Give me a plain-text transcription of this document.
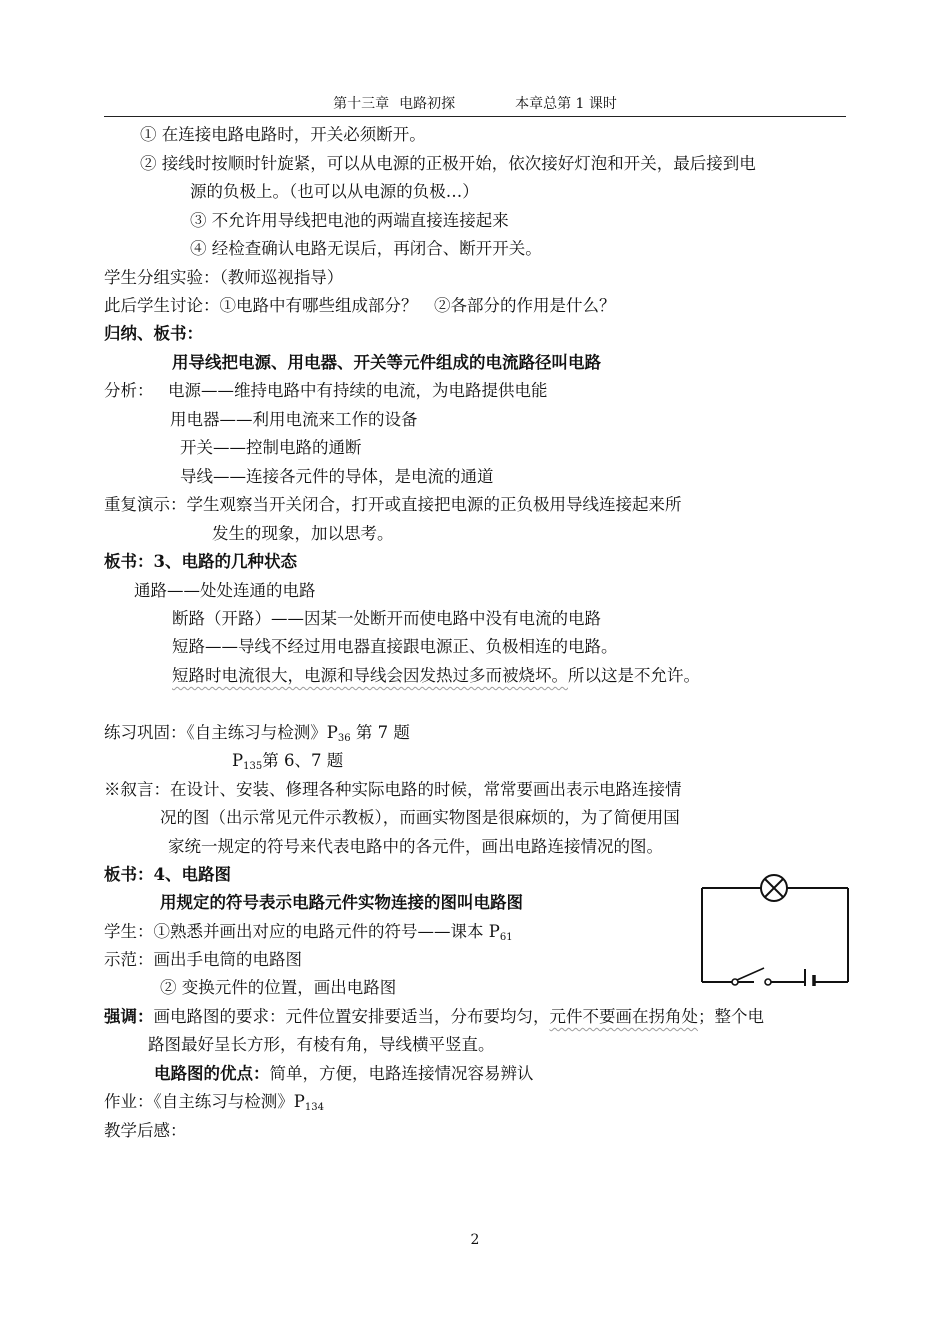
第十三章 电路初探	本章总第 1 课时
① 在连接电路电路时，开关必须断开。
② 接线时按顺时针旋紧，可以从电源的正极开始，依次接好灯泡和开关，最后接到电
源的负极上。（也可以从电源的负极…）
③ 不允许用导线把电池的两端直接连接起来
④ 经检查确认电路无误后，再闭合、断开开关。
学生分组实验：（教师巡视指导）
此后学生讨论：①电路中有哪些组成部分？　②各部分的作用是什么？
归纳、板书：
用导线把电源、用电器、开关等元件组成的电流路径叫电路
分析： 电源——维持电路中有持续的电流，为电路提供电能
用电器——利用电流来工作的设备
开关——控制电路的通断
导线——连接各元件的导体，是电流的通道
重复演示：学生观察当开关闭合，打开或直接把电源的正负极用导线连接起来所
发生的现象，加以思考。
板书：3、电路的几种状态
通路——处处连通的电路
断路（开路）——因某一处断开而使电路中没有电流的电路
短路——导线不经过用电器直接跟电源正、负极相连的电路。
短路时电流很大，电源和导线会因发热过多而被烧坏。所以这是不允许。
练习巩固：《自主练习与检测》$P_{36}$ 第 7 题
$P_{135}$第 6、7 题
※叙言：在设计、安装、修理各种实际电路的时候，常常要画出表示电路连接情
况的图（出示常见元件示教板），而画实物图是很麻烦的，为了简便用国
家统一规定的符号来代表电路中的各元件，画出电路连接情况的图。
板书：4、电路图
用规定的符号表示电路元件实物连接的图叫电路图
学生：①熟悉并画出对应的电路元件的符号——课本 $P_{61}$
示范：画出手电筒的电路图
② 变换元件的位置，画出电路图
强调：画电路图的要求：元件位置安排要适当，分布要均匀，元件不要画在拐角处；整个电
路图最好呈长方形，有棱有角，导线横平竖直。
电路图的优点：简单，方便，电路连接情况容易辨认
作业：《自主练习与检测》$P_{134}$
教学后感：
2
